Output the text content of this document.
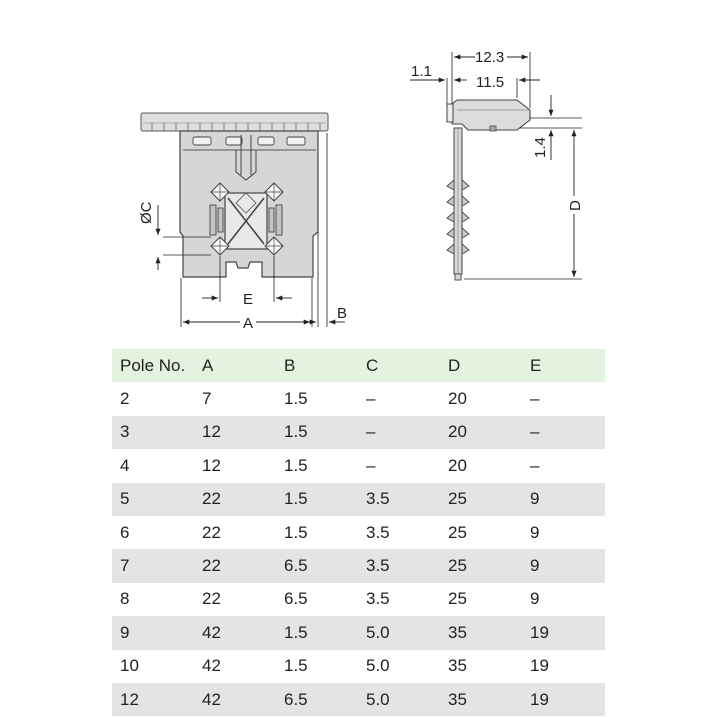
ØC
E
A
B
12.3
11.5
1.1
1.4
D
Pole No.	A	B	C	D	E
2	7	1.5	–	20	–
3	12	1.5	–	20	–
4	12	1.5	–	20	–
5	22	1.5	3.5	25	9
6	22	1.5	3.5	25	9
7	22	6.5	3.5	25	9
8	22	6.5	3.5	25	9
9	42	1.5	5.0	35	19
10	42	1.5	5.0	35	19
12	42	6.5	5.0	35	19
